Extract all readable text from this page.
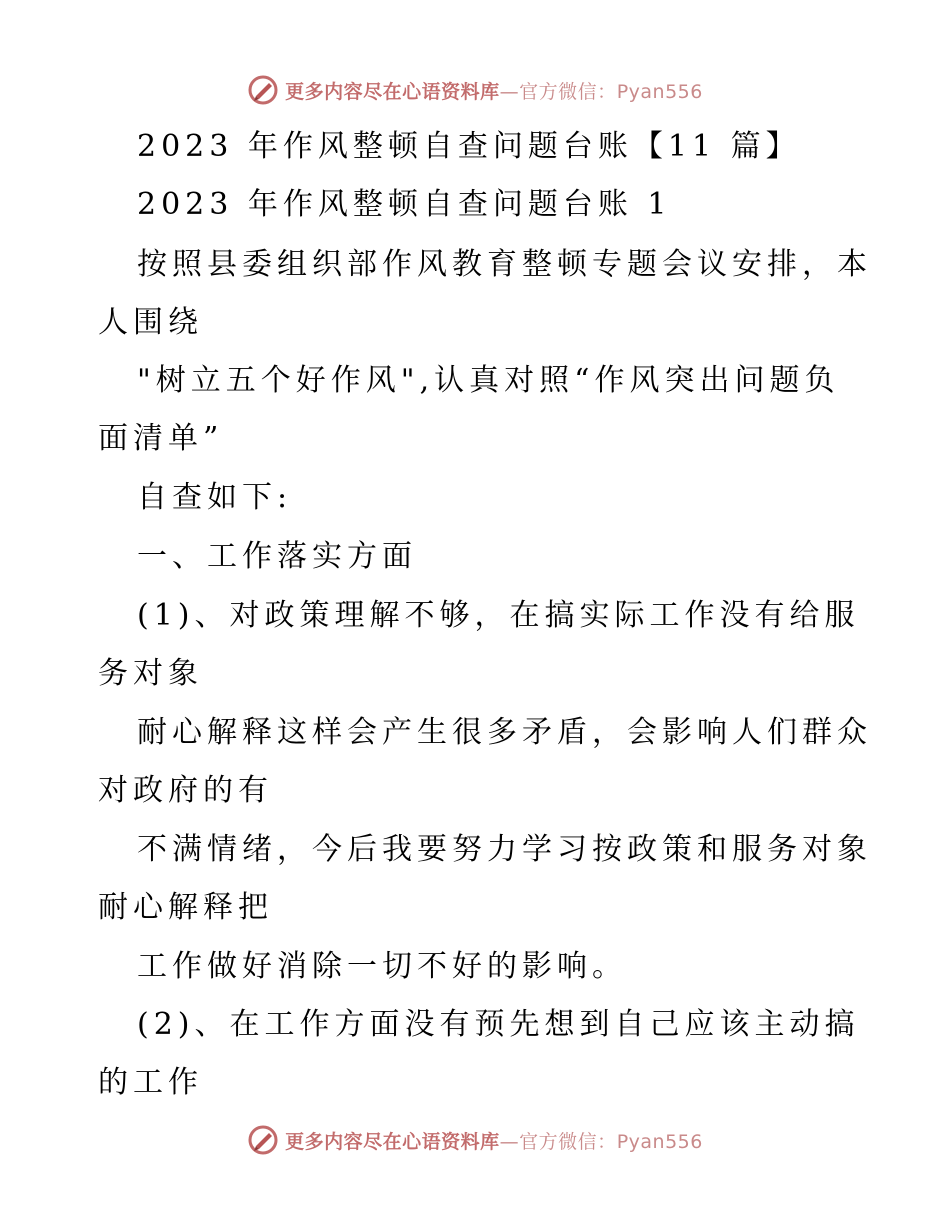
更多内容尽在心语资料库—官方微信：Pyan556
2023 年作风整顿自查问题台账【11 篇】
2023 年作风整顿自查问题台账 1
按照县委组织部作风教育整顿专题会议安排，本
人围绕
"树立五个好作风",认真对照“作风突出问题负
面清单”
自查如下:
一、工作落实方面
(1)、对政策理解不够，在搞实际工作没有给服
务对象
耐心解释这样会产生很多矛盾，会影响人们群众
对政府的有
不满情绪，今后我要努力学习按政策和服务对象
耐心解释把
工作做好消除一切不好的影响。
(2)、在工作方面没有预先想到自己应该主动搞
的工作
更多内容尽在心语资料库—官方微信：Pyan556
